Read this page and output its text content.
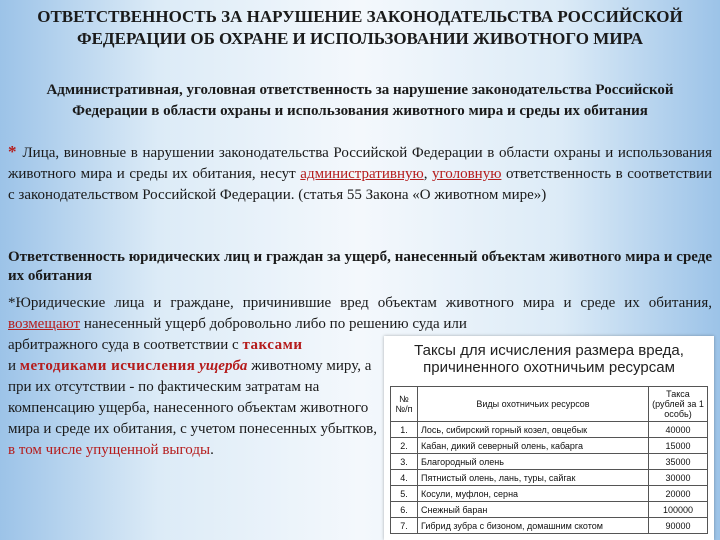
ОТВЕТСТВЕННОСТЬ ЗА НАРУШЕНИЕ ЗАКОНОДАТЕЛЬСТВА РОССИЙСКОЙ ФЕДЕРАЦИИ ОБ ОХРАНЕ И ИСПОЛЬЗОВАНИИ ЖИВОТНОГО МИРА
Административная, уголовная ответственность за нарушение законодательства Российской Федерации в области охраны и использования животного мира и среды их обитания
* Лица, виновные в нарушении законодательства Российской Федерации в области охраны и использования животного мира и среды их обитания, несут административную, уголовную ответственность в соответствии с законодательством Российской Федерации. (статья 55 Закона «О животном мире»)
Ответственность юридических лиц и граждан за ущерб, нанесенный объектам животного мира и среде их обитания
*Юридические лица и граждане, причинившие вред объектам животного мира и среде их обитания, возмещают нанесенный ущерб добровольно либо по решению суда или
арбитражного суда в соответствии с таксами
и методиками исчисления ущерба животному миру, а при их отсутствии - по фактическим затратам на компенсацию ущерба, нанесенного объектам животного мира и среде их обитания, с учетом понесенных убытков, в том числе упущенной выгоды.
Таксы для исчисления размера вреда, причиненного охотничьим ресурсам
№№/п	Виды охотничьих ресурсов	Такса (рублей за 1 особь)
1.	Лось, сибирский горный козел, овцебык	40000
2.	Кабан, дикий северный олень, кабарга	15000
3.	Благородный олень	35000
4.	Пятнистый олень, лань, туры, сайгак	30000
5.	Косули, муфлон, серна	20000
6.	Снежный баран	100000
7.	Гибрид зубра с бизоном, домашним скотом	90000
